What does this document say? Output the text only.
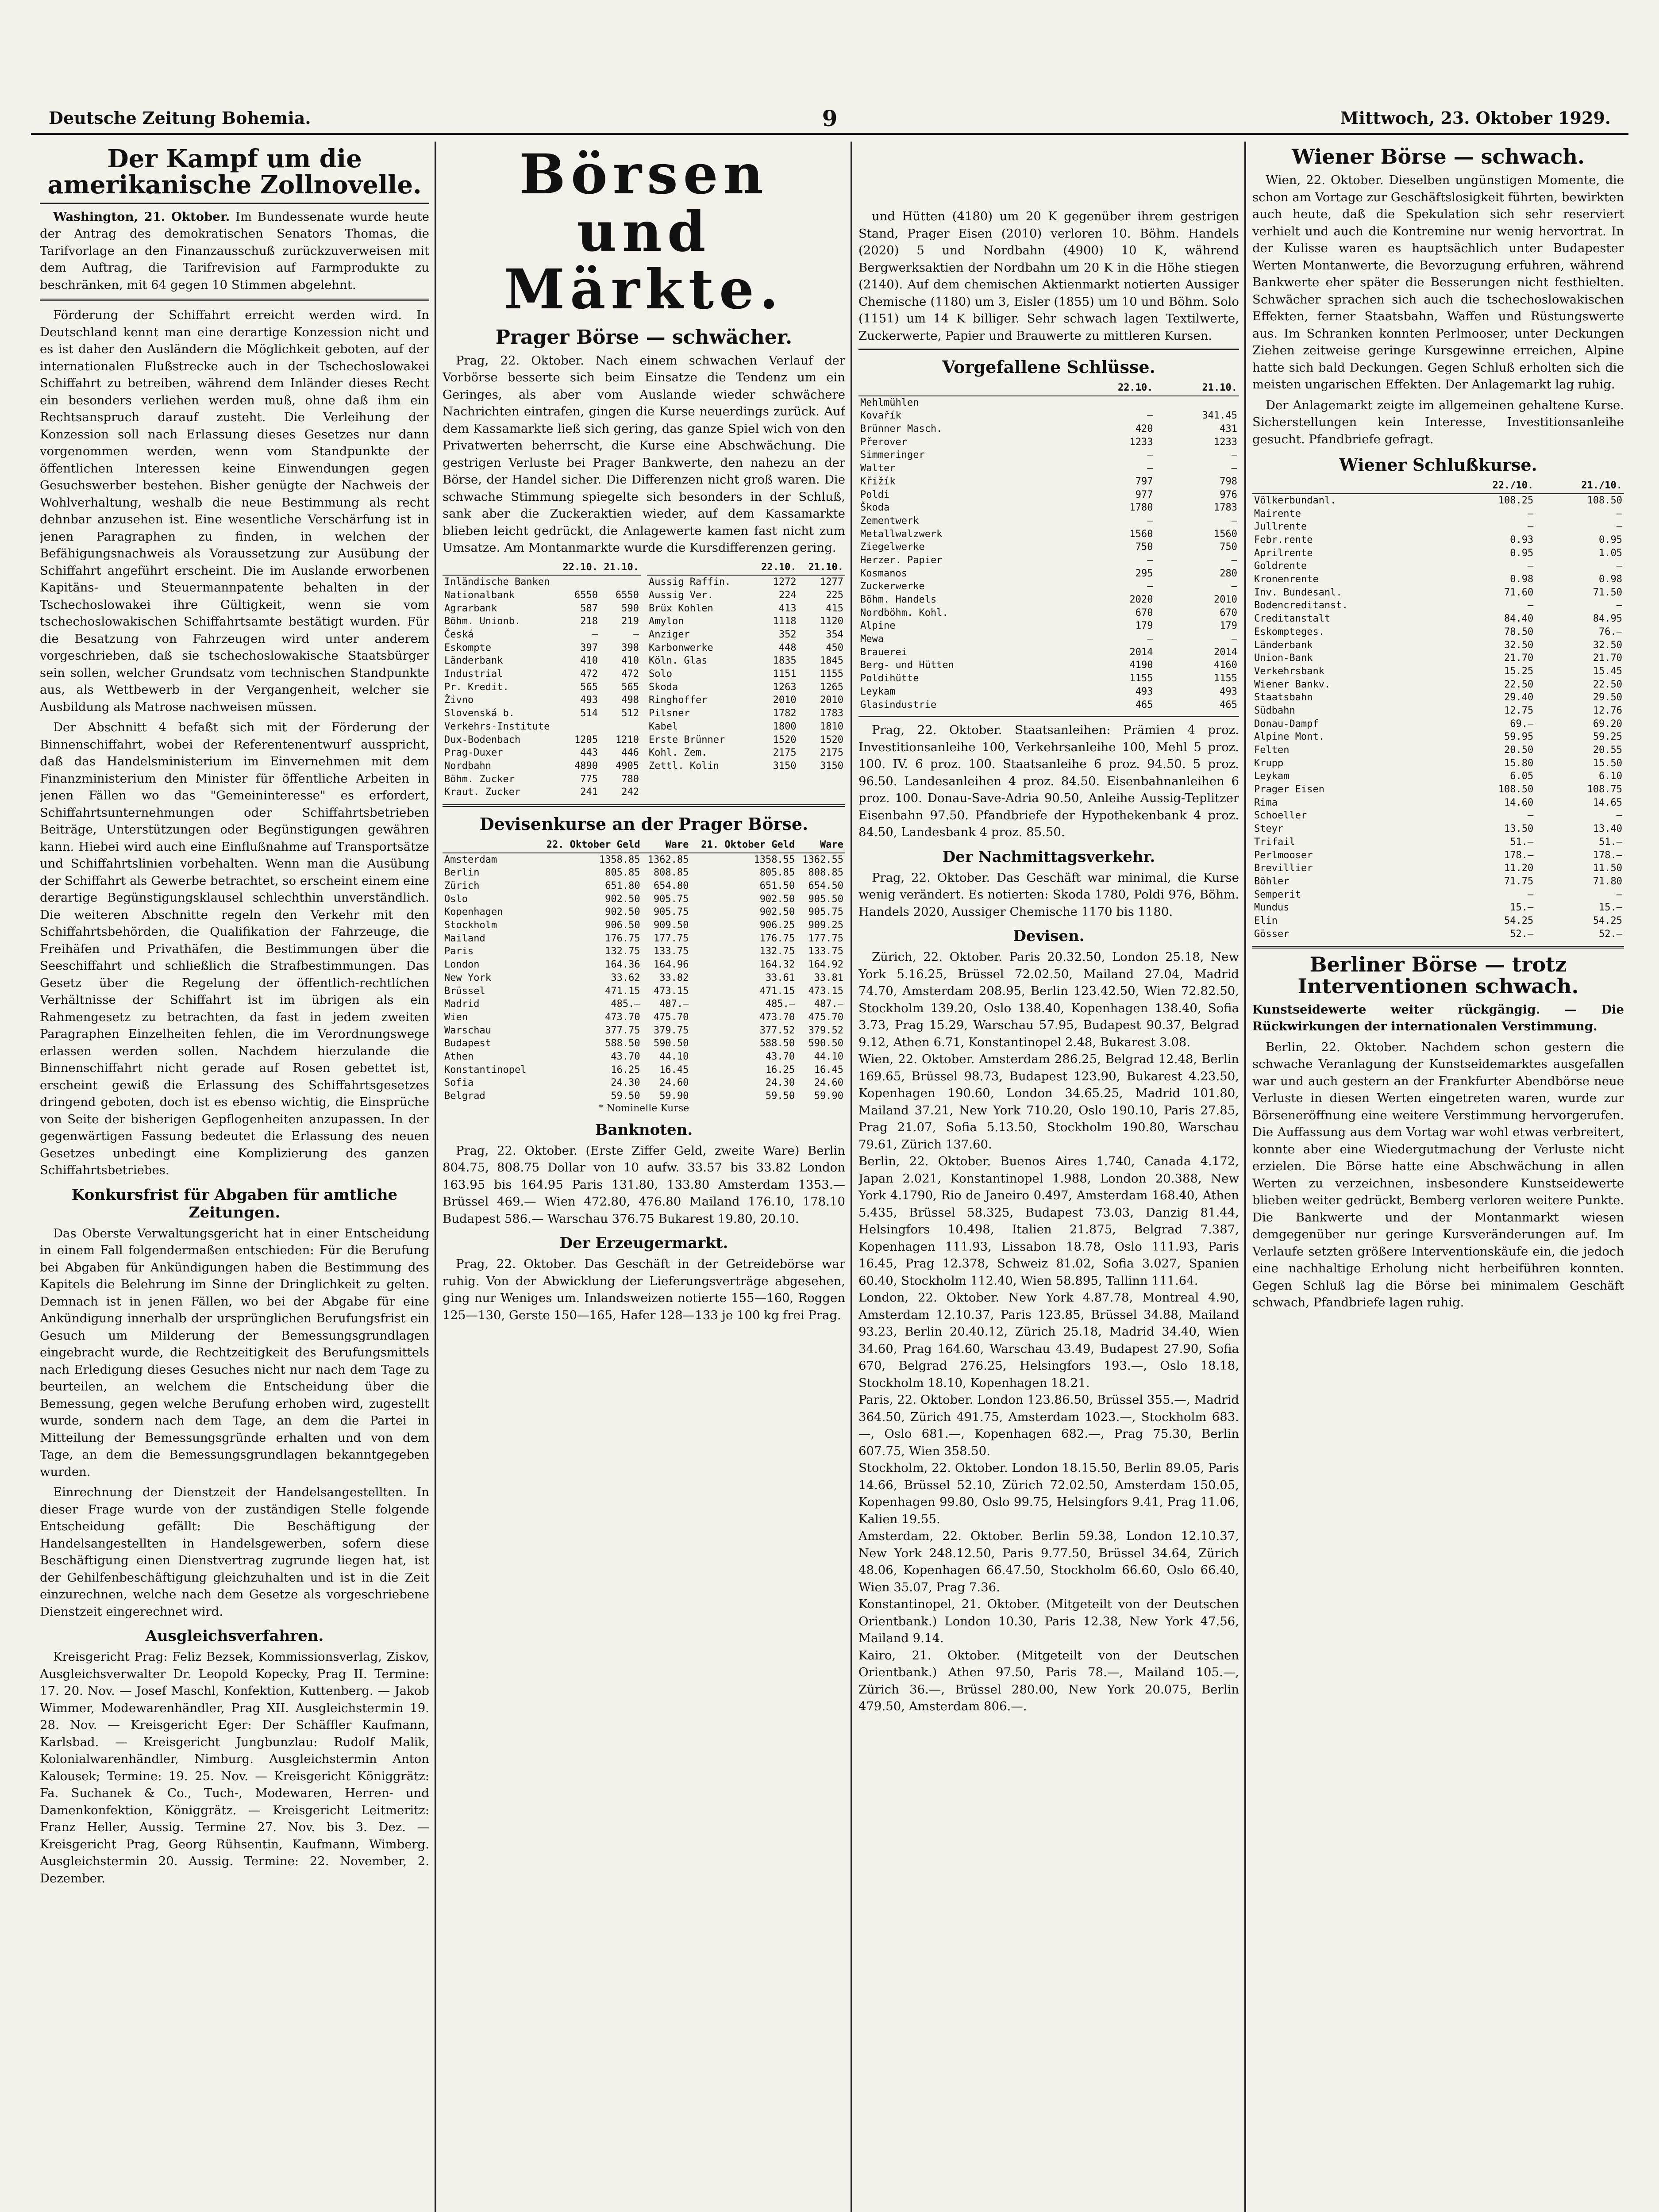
Deutsche Zeitung Bohemia.	9	Mittwoch, 23. Oktober 1929.
Der Kampf um die amerikanische Zollnovelle.

Washington, 21. Oktober. Im Bundessenate wurde heute der Antrag des demokratischen Senators Thomas, die Tarifvorlage an den Finanzausschuß zurückzuverweisen mit dem Auftrag, die Tarifrevision auf Farmprodukte zu beschränken, mit 64 gegen 10 Stimmen abgelehnt.

Förderung der Schiffahrt erreicht werden wird. In Deutschland kennt man eine derartige Konzession nicht und es ist daher den Ausländern die Möglichkeit geboten, auf der internationalen Flußstrecke auch in der Tschechoslowakei Schiffahrt zu betreiben, während dem Inländer dieses Recht ein besonders verliehen werden muß, ohne daß ihm ein Rechtsanspruch darauf zusteht. Die Verleihung der Konzession soll nach Erlassung dieses Gesetzes nur dann vorgenommen werden, wenn vom Standpunkte der öffentlichen Interessen keine Einwendungen gegen Gesuchswerber bestehen. Bisher genügte der Nachweis der Wohlverhaltung, weshalb die neue Bestimmung als recht dehnbar anzusehen ist. Eine wesentliche Verschärfung ist in jenen Paragraphen zu finden, in welchen der Befähigungsnachweis als Voraussetzung zur Ausübung der Schiffahrt angeführt erscheint. Die im Auslande erworbenen Kapitäns- und Steuermannpatente behalten in der Tschechoslowakei ihre Gültigkeit, wenn sie vom tschechoslowakischen Schiffahrtsamte bestätigt wurden. Für die Besatzung von Fahrzeugen wird unter anderem vorgeschrieben, daß sie tschechoslowakische Staatsbürger sein sollen, welcher Grundsatz vom technischen Standpunkte aus, als Wettbewerb in der Vergangenheit, welcher sie Ausbildung als Matrose nachweisen müssen.

Der Abschnitt 4 befaßt sich mit der Förderung der Binnenschiffahrt, wobei der Referentenentwurf ausspricht, daß das Handelsministerium im Einvernehmen mit dem Finanzministerium den Minister für öffentliche Arbeiten in jenen Fällen wo das "Gemeininteresse" es erfordert, Schiffahrtsunternehmungen oder Schiffahrtsbetrieben Beiträge, Unterstützungen oder Begünstigungen gewähren kann. Hiebei wird auch eine Einflußnahme auf Transportsätze und Schiffahrtslinien vorbehalten. Wenn man die Ausübung der Schiffahrt als Gewerbe betrachtet, so erscheint einem eine derartige Begünstigungsklausel schlechthin unverständlich. Die weiteren Abschnitte regeln den Verkehr mit den Schiffahrtsbehörden, die Qualifikation der Fahrzeuge, die Freihäfen und Privathäfen, die Bestimmungen über die Seeschiffahrt und schließlich die Strafbestimmungen. Das Gesetz über die Regelung der öffentlich-rechtlichen Verhältnisse der Schiffahrt ist im übrigen als ein Rahmengesetz zu betrachten, da fast in jedem zweiten Paragraphen Einzelheiten fehlen, die im Verordnungswege erlassen werden sollen. Nachdem hierzulande die Binnenschiffahrt nicht gerade auf Rosen gebettet ist, erscheint gewiß die Erlassung des Schiffahrtsgesetzes dringend geboten, doch ist es ebenso wichtig, die Einsprüche von Seite der bisherigen Gepflogenheiten anzupassen. In der gegenwärtigen Fassung bedeutet die Erlassung des neuen Gesetzes unbedingt eine Komplizierung des ganzen Schiffahrtsbetriebes.

Konkursfrist für Abgaben für amtliche Zeitungen.

Das Oberste Verwaltungsgericht hat in einer Entscheidung in einem Fall folgendermaßen entschieden: Für die Berufung bei Abgaben für Ankündigungen haben die Bestimmung des Kapitels die Belehrung im Sinne der Dringlichkeit zu gelten. Demnach ist in jenen Fällen, wo bei der Abgabe für eine Ankündigung innerhalb der ursprünglichen Berufungsfrist ein Gesuch um Milderung der Bemessungsgrundlagen eingebracht wurde, die Rechtzeitigkeit des Berufungsmittels nach Erledigung dieses Gesuches nicht nur nach dem Tage zu beurteilen, an welchem die Entscheidung über die Bemessung, gegen welche Berufung erhoben wird, zugestellt wurde, sondern nach dem Tage, an dem die Partei in Mitteilung der Bemessungsgründe erhalten und von dem Tage, an dem die Bemessungsgrundlagen bekanntgegeben wurden.

Einrechnung der Dienstzeit der Handelsangestellten. In dieser Frage wurde von der zuständigen Stelle folgende Entscheidung gefällt: Die Beschäftigung der Handelsangestellten in Handelsgewerben, sofern diese Beschäftigung einen Dienstvertrag zugrunde liegen hat, ist der Gehilfenbeschäftigung gleichzuhalten und ist in die Zeit einzurechnen, welche nach dem Gesetze als vorgeschriebene Dienstzeit eingerechnet wird.

Ausgleichsverfahren.

Kreisgericht Prag: Feliz Bezsek, Kommissionsverlag, Ziskov, Ausgleichsverwalter Dr. Leopold Kopecky, Prag II. Termine: 17. 20. Nov. — Josef Maschl, Konfektion, Kuttenberg. — Jakob Wimmer, Modewarenhändler, Prag XII. Ausgleichstermin 19. 28. Nov. — Kreisgericht Eger: Der Schäffler Kaufmann, Karlsbad. — Kreisgericht Jungbunzlau: Rudolf Malik, Kolonialwarenhändler, Nimburg. Ausgleichstermin Anton Kalousek; Termine: 19. 25. Nov. — Kreisgericht Königgrätz: Fa. Suchanek & Co., Tuch-, Modewaren, Herren- und Damenkonfektion, Königgrätz. — Kreisgericht Leitmeritz: Franz Heller, Aussig. Termine 27. Nov. bis 3. Dez. — Kreisgericht Prag, Georg Rühsentin, Kaufmann, Wimberg. Ausgleichstermin 20. Aussig. Termine: 22. November, 2. Dezember.

Börsen und Märkte.
Prager Börse — schwächer.

Prag, 22. Oktober. Nach einem schwachen Verlauf der Vorbörse besserte sich beim Einsatze die Tendenz um ein Geringes, als aber vom Auslande wieder schwächere Nachrichten eintrafen, gingen die Kurse neuerdings zurück. Auf dem Kassamarkte ließ sich gering, das ganze Spiel wich von den Privatwerten beherrscht, die Kurse eine Abschwächung. Die gestrigen Verluste bei Prager Bankwerte, den nahezu an der Börse, der Handel sicher. Die Differenzen nicht groß waren. Die schwache Stimmung spiegelte sich besonders in der Schluß, sank aber die Zuckeraktien wieder, auf dem Kassamarkte blieben leicht gedrückt, die Anlagewerte kamen fast nicht zum Umsatze. Am Montanmarkte wurde die Kursdifferenzen gering.

	22.10.	21.10.
Inländische Banken		
Nationalbank	6550	6550
Agrarbank	587	590
Böhm. Unionb.	218	219
Česká	—	—
Eskompte	397	398
Länderbank	410	410
Industrial	472	472
Pr. Kredit.	565	565
Živno	493	498
Slovenská b.	514	512
Verkehrs-Institute		
Dux-Bodenbach	1205	1210
Prag-Duxer	443	446
Nordbahn	4890	4905
Böhm. Zucker	775	780
Kraut. Zucker	241	242
	22.10.	21.10.
Aussig Raffin.	1272	1277
Aussig Ver.	224	225
Brüx Kohlen	413	415
Amylon	1118	1120
Anziger	352	354
Karbonwerke	448	450
Köln. Glas	1835	1845
Solo	1151	1155
Skoda	1263	1265
Ringhoffer	2010	2010
Pilsner	1782	1783
Kabel	1800	1810
Erste Brünner	1520	1520
Kohl. Zem.	2175	2175
Zettl. Kolin	3150	3150
Devisenkurse an der Prager Börse.
	22. Oktober Geld	Ware	21. Oktober Geld	Ware
Amsterdam	1358.85	1362.85	1358.55	1362.55
Berlin	805.85	808.85	805.85	808.85
Zürich	651.80	654.80	651.50	654.50
Oslo	902.50	905.75	902.50	905.50
Kopenhagen	902.50	905.75	902.50	905.75
Stockholm	906.50	909.50	906.25	909.25
Mailand	176.75	177.75	176.75	177.75
Paris	132.75	133.75	132.75	133.75
London	164.36	164.96	164.32	164.92
New York	33.62	33.82	33.61	33.81
Brüssel	471.15	473.15	471.15	473.15
Madrid	485.—	487.—	485.—	487.—
Wien	473.70	475.70	473.70	475.70
Warschau	377.75	379.75	377.52	379.52
Budapest	588.50	590.50	588.50	590.50
Athen	43.70	44.10	43.70	44.10
Konstantinopel	16.25	16.45	16.25	16.45
Sofia	24.30	24.60	24.30	24.60
Belgrad	59.50	59.90	59.50	59.90
* Nominelle Kurse
Banknoten.

Prag, 22. Oktober. (Erste Ziffer Geld, zweite Ware) Berlin 804.75, 808.75 Dollar von 10 aufw. 33.57 bis 33.82 London 163.95 bis 164.95 Paris 131.80, 133.80 Amsterdam 1353.— Brüssel 469.— Wien 472.80, 476.80 Mailand 176.10, 178.10 Budapest 586.— Warschau 376.75 Bukarest 19.80, 20.10.

Der Erzeugermarkt.

Prag, 22. Oktober. Das Geschäft in der Getreidebörse war ruhig. Von der Abwicklung der Lieferungsverträge abgesehen, ging nur Weniges um. Inlandsweizen notierte 155—160, Roggen 125—130, Gerste 150—165, Hafer 128—133 je 100 kg frei Prag.

und Hütten (4180) um 20 K gegenüber ihrem gestrigen Stand, Prager Eisen (2010) verloren 10. Böhm. Handels (2020) 5 und Nordbahn (4900) 10 K, während Bergwerksaktien der Nordbahn um 20 K in die Höhe stiegen (2140). Auf dem chemischen Aktienmarkt notierten Aussiger Chemische (1180) um 3, Eisler (1855) um 10 und Böhm. Solo (1151) um 14 K billiger. Sehr schwach lagen Textilwerte, Zuckerwerte, Papier und Brauwerte zu mittleren Kursen.

Vorgefallene Schlüsse.
	22.10.	21.10.
Mehlmühlen		
Kovařík	—	341.45
Brünner Masch.	420	431
Přerover	1233	1233
Simmeringer	—	—
Walter	—	—
Křižík	797	798
Poldi	977	976
Škoda	1780	1783
Zementwerk	—	—
Metallwalzwerk	1560	1560
Ziegelwerke	750	750
Herzer. Papier	—	—
Kosmanos	295	280
Zuckerwerke	—	—
Böhm. Handels	2020	2010
Nordböhm. Kohl.	670	670
Alpine	179	179
Mewa	—	—
Brauerei	2014	2014
Berg- und Hütten	4190	4160
Poldihütte	1155	1155
Leykam	493	493
Glasindustrie	465	465

Prag, 22. Oktober. Staatsanleihen: Prämien 4 proz. Investitionsanleihe 100, Verkehrsanleihe 100, Mehl 5 proz. 100. IV. 6 proz. 100. Staatsanleihe 6 proz. 94.50. 5 proz. 96.50. Landesanleihen 4 proz. 84.50. Eisenbahnanleihen 6 proz. 100. Donau-Save-Adria 90.50, Anleihe Aussig-Teplitzer Eisenbahn 97.50. Pfandbriefe der Hypothekenbank 4 proz. 84.50, Landesbank 4 proz. 85.50.

Der Nachmittagsverkehr.

Prag, 22. Oktober. Das Geschäft war minimal, die Kurse wenig verändert. Es notierten: Skoda 1780, Poldi 976, Böhm. Handels 2020, Aussiger Chemische 1170 bis 1180.

Devisen.

Zürich, 22. Oktober. Paris 20.32.50, London 25.18, New York 5.16.25, Brüssel 72.02.50, Mailand 27.04, Madrid 74.70, Amsterdam 208.95, Berlin 123.42.50, Wien 72.82.50, Stockholm 139.20, Oslo 138.40, Kopenhagen 138.40, Sofia 3.73, Prag 15.29, Warschau 57.95, Budapest 90.37, Belgrad 9.12, Athen 6.71, Konstantinopel 2.48, Bukarest 3.08.
Wien, 22. Oktober. Amsterdam 286.25, Belgrad 12.48, Berlin 169.65, Brüssel 98.73, Budapest 123.90, Bukarest 4.23.50, Kopenhagen 190.60, London 34.65.25, Madrid 101.80, Mailand 37.21, New York 710.20, Oslo 190.10, Paris 27.85, Prag 21.07, Sofia 5.13.50, Stockholm 190.80, Warschau 79.61, Zürich 137.60.
Berlin, 22. Oktober. Buenos Aires 1.740, Canada 4.172, Japan 2.021, Konstantinopel 1.988, London 20.388, New York 4.1790, Rio de Janeiro 0.497, Amsterdam 168.40, Athen 5.435, Brüssel 58.325, Budapest 73.03, Danzig 81.44, Helsingfors 10.498, Italien 21.875, Belgrad 7.387, Kopenhagen 111.93, Lissabon 18.78, Oslo 111.93, Paris 16.45, Prag 12.378, Schweiz 81.02, Sofia 3.027, Spanien 60.40, Stockholm 112.40, Wien 58.895, Tallinn 111.64.
London, 22. Oktober. New York 4.87.78, Montreal 4.90, Amsterdam 12.10.37, Paris 123.85, Brüssel 34.88, Mailand 93.23, Berlin 20.40.12, Zürich 25.18, Madrid 34.40, Wien 34.60, Prag 164.60, Warschau 43.49, Budapest 27.90, Sofia 670, Belgrad 276.25, Helsingfors 193.—, Oslo 18.18, Stockholm 18.10, Kopenhagen 18.21.
Paris, 22. Oktober. London 123.86.50, Brüssel 355.—, Madrid 364.50, Zürich 491.75, Amsterdam 1023.—, Stockholm 683.—, Oslo 681.—, Kopenhagen 682.—, Prag 75.30, Berlin 607.75, Wien 358.50.
Stockholm, 22. Oktober. London 18.15.50, Berlin 89.05, Paris 14.66, Brüssel 52.10, Zürich 72.02.50, Amsterdam 150.05, Kopenhagen 99.80, Oslo 99.75, Helsingfors 9.41, Prag 11.06, Kalien 19.55.
Amsterdam, 22. Oktober. Berlin 59.38, London 12.10.37, New York 248.12.50, Paris 9.77.50, Brüssel 34.64, Zürich 48.06, Kopenhagen 66.47.50, Stockholm 66.60, Oslo 66.40, Wien 35.07, Prag 7.36.
Konstantinopel, 21. Oktober. (Mitgeteilt von der Deutschen Orientbank.) London 10.30, Paris 12.38, New York 47.56, Mailand 9.14.
Kairo, 21. Oktober. (Mitgeteilt von der Deutschen Orientbank.) Athen 97.50, Paris 78.—, Mailand 105.—, Zürich 36.—, Brüssel 280.00, New York 20.075, Berlin 479.50, Amsterdam 806.—.

Wiener Börse — schwach.

Wien, 22. Oktober. Dieselben ungünstigen Momente, die schon am Vortage zur Geschäftslosigkeit führten, bewirkten auch heute, daß die Spekulation sich sehr reserviert verhielt und auch die Kontremine nur wenig hervortrat. In der Kulisse waren es hauptsächlich unter Budapester Werten Montanwerte, die Bevorzugung erfuhren, während Bankwerte eher später die Besserungen nicht festhielten. Schwächer sprachen sich auch die tschechoslowakischen Effekten, ferner Staatsbahn, Waffen und Rüstungswerte aus. Im Schranken konnten Perlmooser, unter Deckungen Ziehen zeitweise geringe Kursgewinne erreichen, Alpine hatte sich bald Deckungen. Gegen Schluß erholten sich die meisten ungarischen Effekten. Der Anlagemarkt lag ruhig.

Der Anlagemarkt zeigte im allgemeinen gehaltene Kurse. Sicherstellungen kein Interesse, Investitionsanleihe gesucht. Pfandbriefe gefragt.

Wiener Schlußkurse.
	22./10.	21./10.
Völkerbundanl.	108.25	108.50
Mairente	—	—
Jullrente	—	—
Febr.rente	0.93	0.95
Aprilrente	0.95	1.05
Goldrente	—	—
Kronenrente	0.98	0.98
Inv. Bundesanl.	71.60	71.50
Bodencreditanst.	—	—
Creditanstalt	84.40	84.95
Eskompteges.	78.50	76.—
Länderbank	32.50	32.50
Union-Bank	21.70	21.70
Verkehrsbank	15.25	15.45
Wiener Bankv.	22.50	22.50
Staatsbahn	29.40	29.50
Südbahn	12.75	12.76
Donau-Dampf	69.—	69.20
Alpine Mont.	59.95	59.25
Felten	20.50	20.55
Krupp	15.80	15.50
Leykam	6.05	6.10
Prager Eisen	108.50	108.75
Rima	14.60	14.65
Schoeller	—	—
Steyr	13.50	13.40
Trifail	51.—	51.—
Perlmooser	178.—	178.—
Brevillier	11.20	11.50
Böhler	71.75	71.80
Semperit	—	—
Mundus	15.—	15.—
Elin	54.25	54.25
Gösser	52.—	52.—
Berliner Börse — trotz Interventionen schwach.

Kunstseidewerte weiter rückgängig. — Die Rückwirkungen der internationalen Verstimmung.

Berlin, 22. Oktober. Nachdem schon gestern die schwache Veranlagung der Kunstseidemarktes ausgefallen war und auch gestern an der Frankfurter Abendbörse neue Verluste in diesen Werten eingetreten waren, wurde zur Börseneröffnung eine weitere Verstimmung hervorgerufen. Die Auffassung aus dem Vortag war wohl etwas verbreitert, konnte aber eine Wiedergutmachung der Verluste nicht erzielen. Die Börse hatte eine Abschwächung in allen Werten zu verzeichnen, insbesondere Kunstseidewerte blieben weiter gedrückt, Bemberg verloren weitere Punkte. Die Bankwerte und der Montanmarkt wiesen demgegenüber nur geringe Kursveränderungen auf. Im Verlaufe setzten größere Interventionskäufe ein, die jedoch eine nachhaltige Erholung nicht herbeiführen konnten. Gegen Schluß lag die Börse bei minimalem Geschäft schwach, Pfandbriefe lagen ruhig.
